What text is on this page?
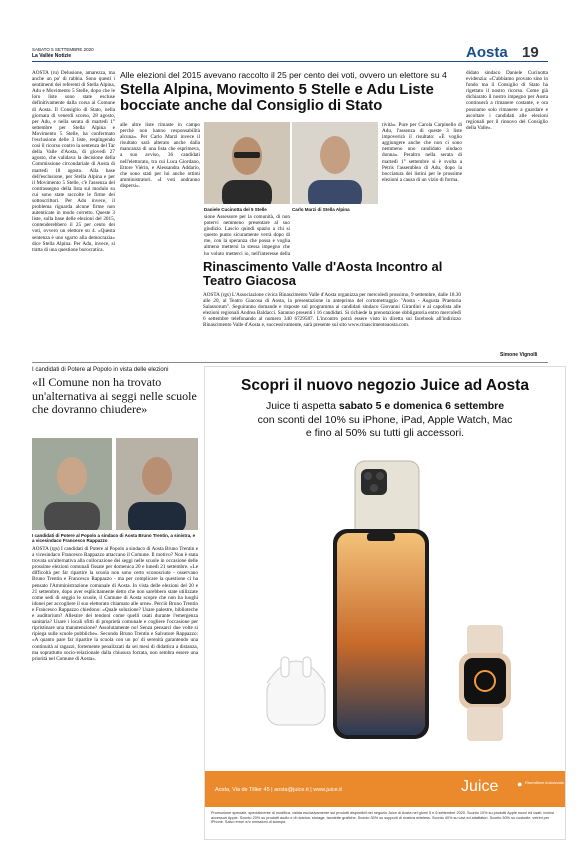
SABATO 5 SETTEMBRE 2020
La Vallée Notizie	Aosta 19
Alle elezioni del 2015 avevano raccolto il 25 per cento dei voti, ovvero un elettore su 4
Stella Alpina, Movimento 5 Stelle e Adu Liste bocciate anche dal Consiglio di Stato
AOSTA (ru) Delusione, amarezza, ma anche un po' di rabbia. Sono questi i sentimenti dei referenti di Stella Alpina, Adu e Movimento 5 Stelle, dopo che le loro liste sono state escluse definitivamente dalla corsa al Comune di Aosta. Il Consiglio di Stato, nella giornata di venerdì scorso, 28 agosto, per Adu, e nella serata di martedì 1° settembre per Stella Alpina e Movimento 5 Stelle, ha confermato l'esclusione delle 3 liste, respingendo così il ricorso contro la sentenza del Tar della Valle d'Aosta, di giovedì 27 agosto, che validava la decisione della Commissione circondariale di Aosta di martedì 18 agosto. Alla base dell'esclusione, per Stella Alpina e per il Movimento 5 Stelle, c'è l'assenza del contrassegno della lista sul modulo su cui sono state raccolte le firme dei sottoscrittori. Per Adu invece, il problema riguarda alcune firme non autenticate in modo corretto. Queste 3 liste, sulla base delle elezioni del 2015, contenderebbero il 25 per cento dei voti, ovvero un elettore su 4. «Questa sentenza è uno sgarro alla democrazia» dice Stella Alpina. Per Adu, invece, si tratta di una questione burocratica.
alle altre liste rimaste in campo perchè non hanno responsabilità alcuna». Per Carlo Marzi invece il risultato sarà alterato anche dalla mancanza di una lista che esprimeva, a suo avviso, 36 candidati nell'elettorato, tra cui Luca Giordano, Ettore Viérin, e Alessandra Addario, che sono stati per lui anche ottimi amministratori. «I voti andranno dispersi».
Daniele Cucinotta del 5 Stelle	Carlo Marzi di Stella Alpina
sione Assessore per la comunità, di non potervi nemmeno presentare al suo giudizio. Lascio quindi spazio a chi si questo punto sicuramente verrà dopo di me, con la speranza che possa e voglia almeno mettersi la stessa impegno che ho voluto metterci io, nell'interesse della
tività». Pure per Carola Carpinello di Adu, l'assenza di queste 3 liste impoverirà il risultato: «È voglio aggiungere anche che non ci sono nemmeno uno candidato sindaco donna». Peraltro nella serata di martedì 1° settembre si è svolta a Pétris l'assemblea di Adu, dopo la bocciatura dei listini per le prossime elezioni a causa di un vizio di forma.
didato sindaco Daniele Cucinotta evidenzia: «C'abbiamo provato sino in fondo ma il Consiglio di Stato ha rigettato il nostro ricorso. Come già dichiarato il nostro impegno per Aosta continuerà a rimanere costante, e ora possiamo solo rimanere a guardare e ascoltare i candidati alle elezioni regionali per il rinnovo del Consiglio della Valle».
Simone Vignolli
Rinascimento Valle d'Aosta Incontro al Teatro Giacosa
AOSTA (rgs) L'Associazione civica Rinascimento Valle d'Aosta organizza per mercoledì prossimo, 9 settembre, dalle 18.30 alle 20, al Teatro Giacosa di Aosta, la presentazione in anteprima del cortometraggio "Aosta - Augusta Praetoria Salassorum". Seguiranno domande e risposte sul programma ai candidati sindaco Giovanni Girardini e al capolista alle elezioni regionali Andrea Baldacci. Saranno presenti i 16 candidati. Si richiede la prenotazione obbligatoria entro mercoledì 6 settembre telefonando al numero 340 6729587. L'incontro potrà essere visto in diretta sui facebook all'indirizzo Rinascimento Valle d'Aosta e, successivamente, sarà presente sul sito www.rinascimentoaosta.com.
I candidati di Potere al Popolo in vista delle elezioni
«Il Comune non ha trovato un'alternativa ai seggi nelle scuole che dovranno chiudere»
I candidati di Potere al Popolo a sindaco di Aosta Bruno Trentin, a sinistra, e a vicesindaco Francesco Rappazzo
AOSTA (rgs) I candidati di Potere al Popolo a sindaco di Aosta Bruno Trentin e a vicesindaco Francesco Rappazzo attaccano il Comune. Il motivo? Non è stata trovata un'alternativa alla collocazione dei seggi nelle scuole in occasione delle prossime elezioni comunali fissate per domenica 20 e lunedì 21 settembre. «Le difficoltà per far ripartire la scuola non sono certo sconosciute - osservano Bruno Trentin e Francesco Rappazzo - ma per complicare la questione ci ha pensato l'Amministrazione comunale di Aosta. In vista delle elezioni del 20 e 21 settembre, dopo aver esplicitamente detto che non sarebbero state utilizzate come sedi di seggio le scuole, il Comune di Aosta scopre che non ha luoghi idonei per accogliere il suo elettorato chiamato alle urne». Perciò Bruno Trentin e Francesco Rappazzo chiedono: «Quale soluzione? Usare palestre, biblioteche e auditorium? Allestire dei tendoni come quelli usati durante l'emergenza sanitaria? Usare i locali sfitti di proprietà comunale e cogliere l'occasione per ripristinare una manutenzione? Assolutamente no! Senza pensarci due volte si ripiega sulle scuole pubbliche». Secondo Bruno Trentin e Salvatore Rappazzo: «A quanto pare far ripartire la scuola con un po' di serenità garantendo una continuità ai ragazzi, fortemente penalizzati da sei mesi di didattica a distanza, ma soprattutto socio-relazionale dalla chiusura forzata, non sembra essere una priorità nel Comune di Aosta».
Scopri il nuovo negozio Juice ad Aosta
Juice ti aspetta sabato 5 e domenica 6 settembre
con sconti del 10% su iPhone, iPad, Apple Watch, Mac
e fino al 50% su tutti gli accessori.
Aosta, Via de Tillier 45 | aosta@juice.it | www.juice.it	Juice ● Rivenditore Autorizzato
Promozione speciale, specialmente di modifica, valida esclusivamente sui prodotti disponibili nel negozio Juice di Aosta nei giorni 5 e 6 settembre 2020. Sconto 10% su prodotti Apple nuovi ed usati, inclusi accessori Apple. Sconto 20% su prodotti audio e di ricarica, storage, tavolette grafiche. Sconto 30% su supporti di ricarica wireless. Sconto 40% su cavi ed adattatori. Sconto 50% su custodie, vetrini per iPhone. Salvo errori e/o omissioni di stampa.
